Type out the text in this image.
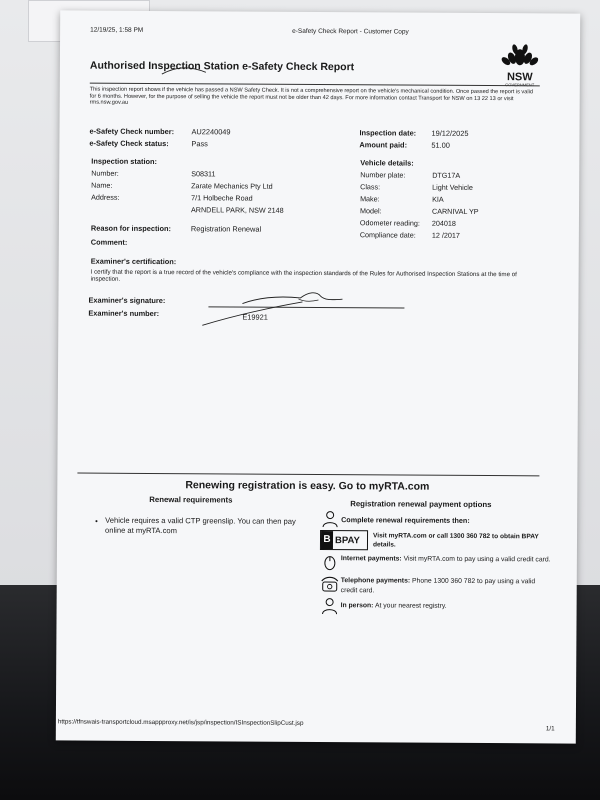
12/19/25, 1:58 PM	e-Safety Check Report - Customer Copy
NSW
Authorised Inspection Station e-Safety Check Report
This inspection report shows if the vehicle has passed a NSW Safety Check. It is not a comprehensive report on the vehicle's mechanical condition. Once passed the report is valid for 6 months. However, for the purpose of selling the vehicle the report must not be older than 42 days. For more information contact Transport for NSW on 13 22 13 or visit rms.nsw.gov.au
e-Safety Check number: AU2240049
e-Safety Check status:	Pass
Inspection date: 19/12/2025
Amount paid:	51.00
Inspection station:
Number:	S08311
Name:	Zarate Mechanics Pty Ltd
Address:	7/1 Holbeche Road
ARNDELL PARK, NSW 2148
Reason for inspection:	Registration Renewal
Comment:
Vehicle details:
Number plate:	DTG17A
Class:	Light Vehicle
Make:	KIA
Model:	CARNIVAL YP
Odometer reading: 204018
Compliance date: 12 /2017
Examiner's certification:
I certify that the report is a true record of the vehicle's compliance with the inspection standards of the Rules for Authorised Inspection Stations at the time of inspection.
Examiner's signature:
Examiner's number:	E19921
Renewing registration is easy. Go to myRTA.com
Renewal requirements	Registration renewal payment options
• Vehicle requires a valid CTP greenslip. You can then pay online at myRTA.com
Complete renewal requirements then:
B BPAY Visit myRTA.com or call 1300 360 782 to obtain BPAY details.
Internet payments: Visit myRTA.com to pay using a valid credit card.
Telephone payments: Phone 1300 360 782 to pay using a valid credit card.
In person: At your nearest registry.
https://tfnswais-transportcloud.msappproxy.net/is/jsp/inspection/ISInspectionSlipCust.jsp
1/1
